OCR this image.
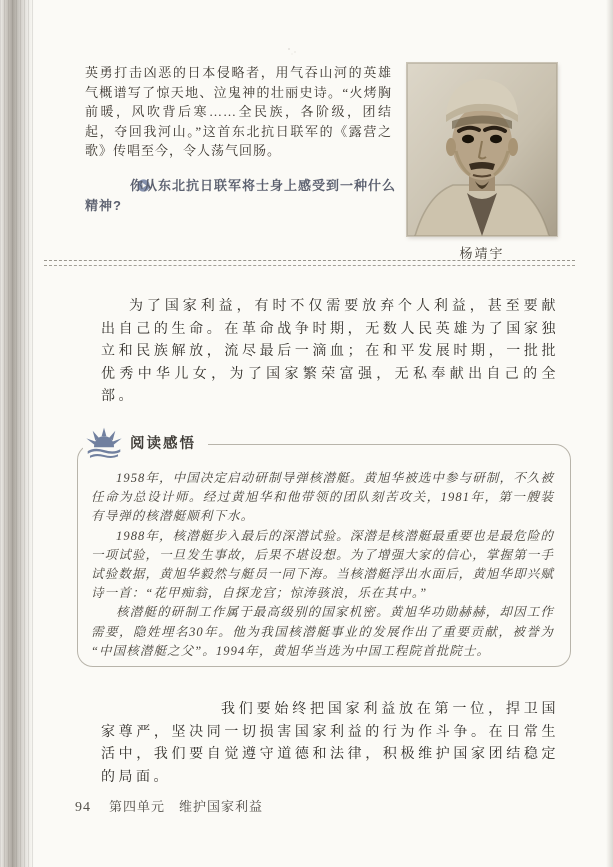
英勇打击凶恶的日本侵略者，用气吞山河的英雄气概谱写了惊天地、泣鬼神的壮丽史诗。“火烤胸前暖，风吹背后寒……全民族，各阶级，团结起，夺回我河山。”这首东北抗日联军的《露营之歌》传唱至今，令人荡气回肠。

你从东北抗日联军将士身上感受到一种什么精神?

杨靖宇

为了国家利益，有时不仅需要放弃个人利益，甚至要献出自己的生命。在革命战争时期，无数人民英雄为了国家独立和民族解放，流尽最后一滴血；在和平发展时期，一批批优秀中华儿女，为了国家繁荣富强，无私奉献出自己的全部。

阅读感悟

1958年，中国决定启动研制导弹核潜艇。黄旭华被选中参与研制，不久被任命为总设计师。经过黄旭华和他带领的团队刻苦攻关，1981年，第一艘装有导弹的核潜艇顺利下水。

1988年，核潜艇步入最后的深潜试验。深潜是核潜艇最重要也是最危险的一项试验，一旦发生事故，后果不堪设想。为了增强大家的信心，掌握第一手试验数据，黄旭华毅然与艇员一同下海。当核潜艇浮出水面后，黄旭华即兴赋诗一首：“花甲痴翁，自探龙宫；惊涛骇浪，乐在其中。”

核潜艇的研制工作属于最高级别的国家机密。黄旭华功勋赫赫，却因工作需要，隐姓埋名30年。他为我国核潜艇事业的发展作出了重要贡献，被誉为“中国核潜艇之父”。1994年，黄旭华当选为中国工程院首批院士。

我们要始终把国家利益放在第一位，捍卫国家尊严，坚决同一切损害国家利益的行为作斗争。在日常生活中，我们要自觉遵守道德和法律，积极维护国家团结稳定的局面。

94 第四单元　维护国家利益
